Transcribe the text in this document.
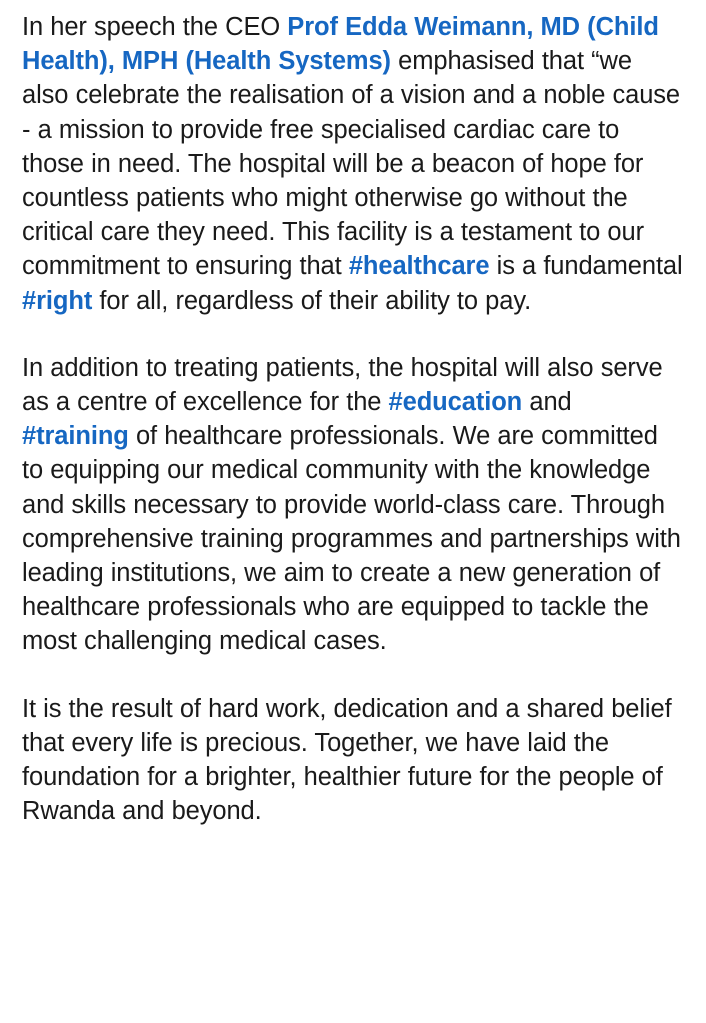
In her speech the CEO Prof Edda Weimann, MD (Child Health), MPH (Health Systems) emphasised that “we also celebrate the realisation of a vision and a noble cause - a mission to provide free specialised cardiac care to those in need. The hospital will be a beacon of hope for countless patients who might otherwise go without the critical care they need. This facility is a testament to our commitment to ensuring that #healthcare is a fundamental #right for all, regardless of their ability to pay.

In addition to treating patients, the hospital will also serve as a centre of excellence for the #education and #training of healthcare professionals. We are committed to equipping our medical community with the knowledge and skills necessary to provide world-class care. Through comprehensive training programmes and partnerships with leading institutions, we aim to create a new generation of healthcare professionals who are equipped to tackle the most challenging medical cases.

It is the result of hard work, dedication and a shared belief that every life is precious. Together, we have laid the foundation for a brighter, healthier future for the people of Rwanda and beyond.
